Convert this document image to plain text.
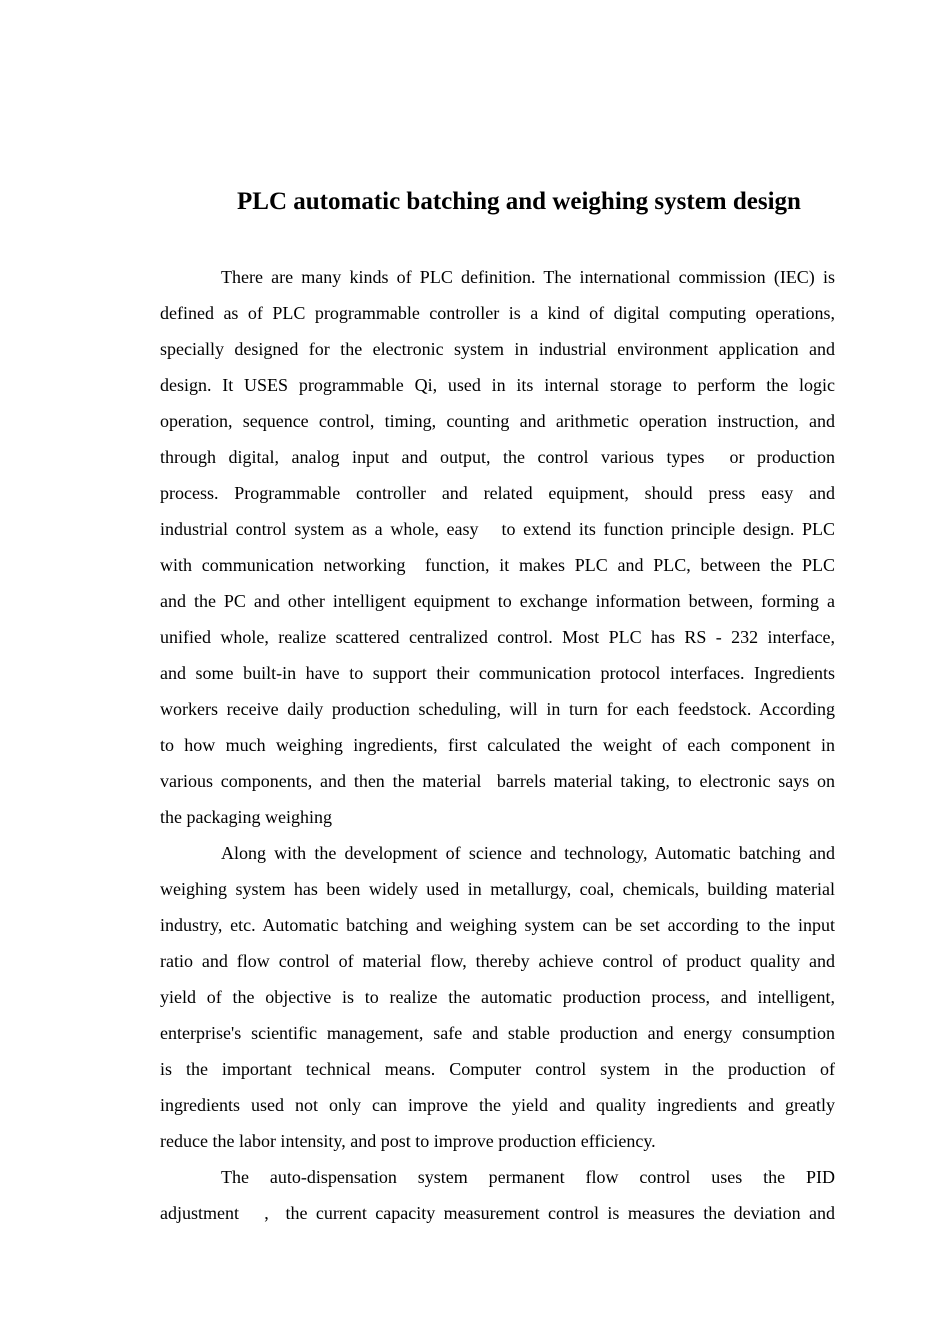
PLC automatic batching and weighing system design
There are many kinds of PLC definition. The international commission (IEC) is
defined as of PLC programmable controller is a kind of digital computing operations,
specially designed for the electronic system in industrial environment application and
design. It USES programmable Qi, used in its internal storage to perform the logic
operation, sequence control, timing, counting and arithmetic operation instruction, and
through digital, analog input and output, the control various types  or production
process. Programmable controller and related equipment, should press easy and
industrial control system as a whole, easy   to extend its function principle design. PLC
with communication networking  function, it makes PLC and PLC, between the PLC
and the PC and other intelligent equipment to exchange information between, forming a
unified whole, realize scattered centralized control. Most PLC has RS - 232 interface,
and some built-in have to support their communication protocol interfaces. Ingredients
workers receive daily production scheduling, will in turn for each feedstock. According
to how much weighing ingredients, first calculated the weight of each component in
various components, and then the material  barrels material taking, to electronic says on
the packaging weighing
Along with the development of science and technology, Automatic batching and
weighing system has been widely used in metallurgy, coal, chemicals, building material
industry, etc. Automatic batching and weighing system can be set according to the input
ratio and flow control of material flow, thereby achieve control of product quality and
yield of the objective is to realize the automatic production process, and intelligent,
enterprise's scientific management, safe and stable production and energy consumption
is the important technical means. Computer control system in the production of
ingredients used not only can improve the yield and quality ingredients and greatly
reduce the labor intensity, and post to improve production efficiency.
The auto-dispensation system permanent flow control uses the PID
adjustment   ,  the current capacity measurement control is measures the deviation and
